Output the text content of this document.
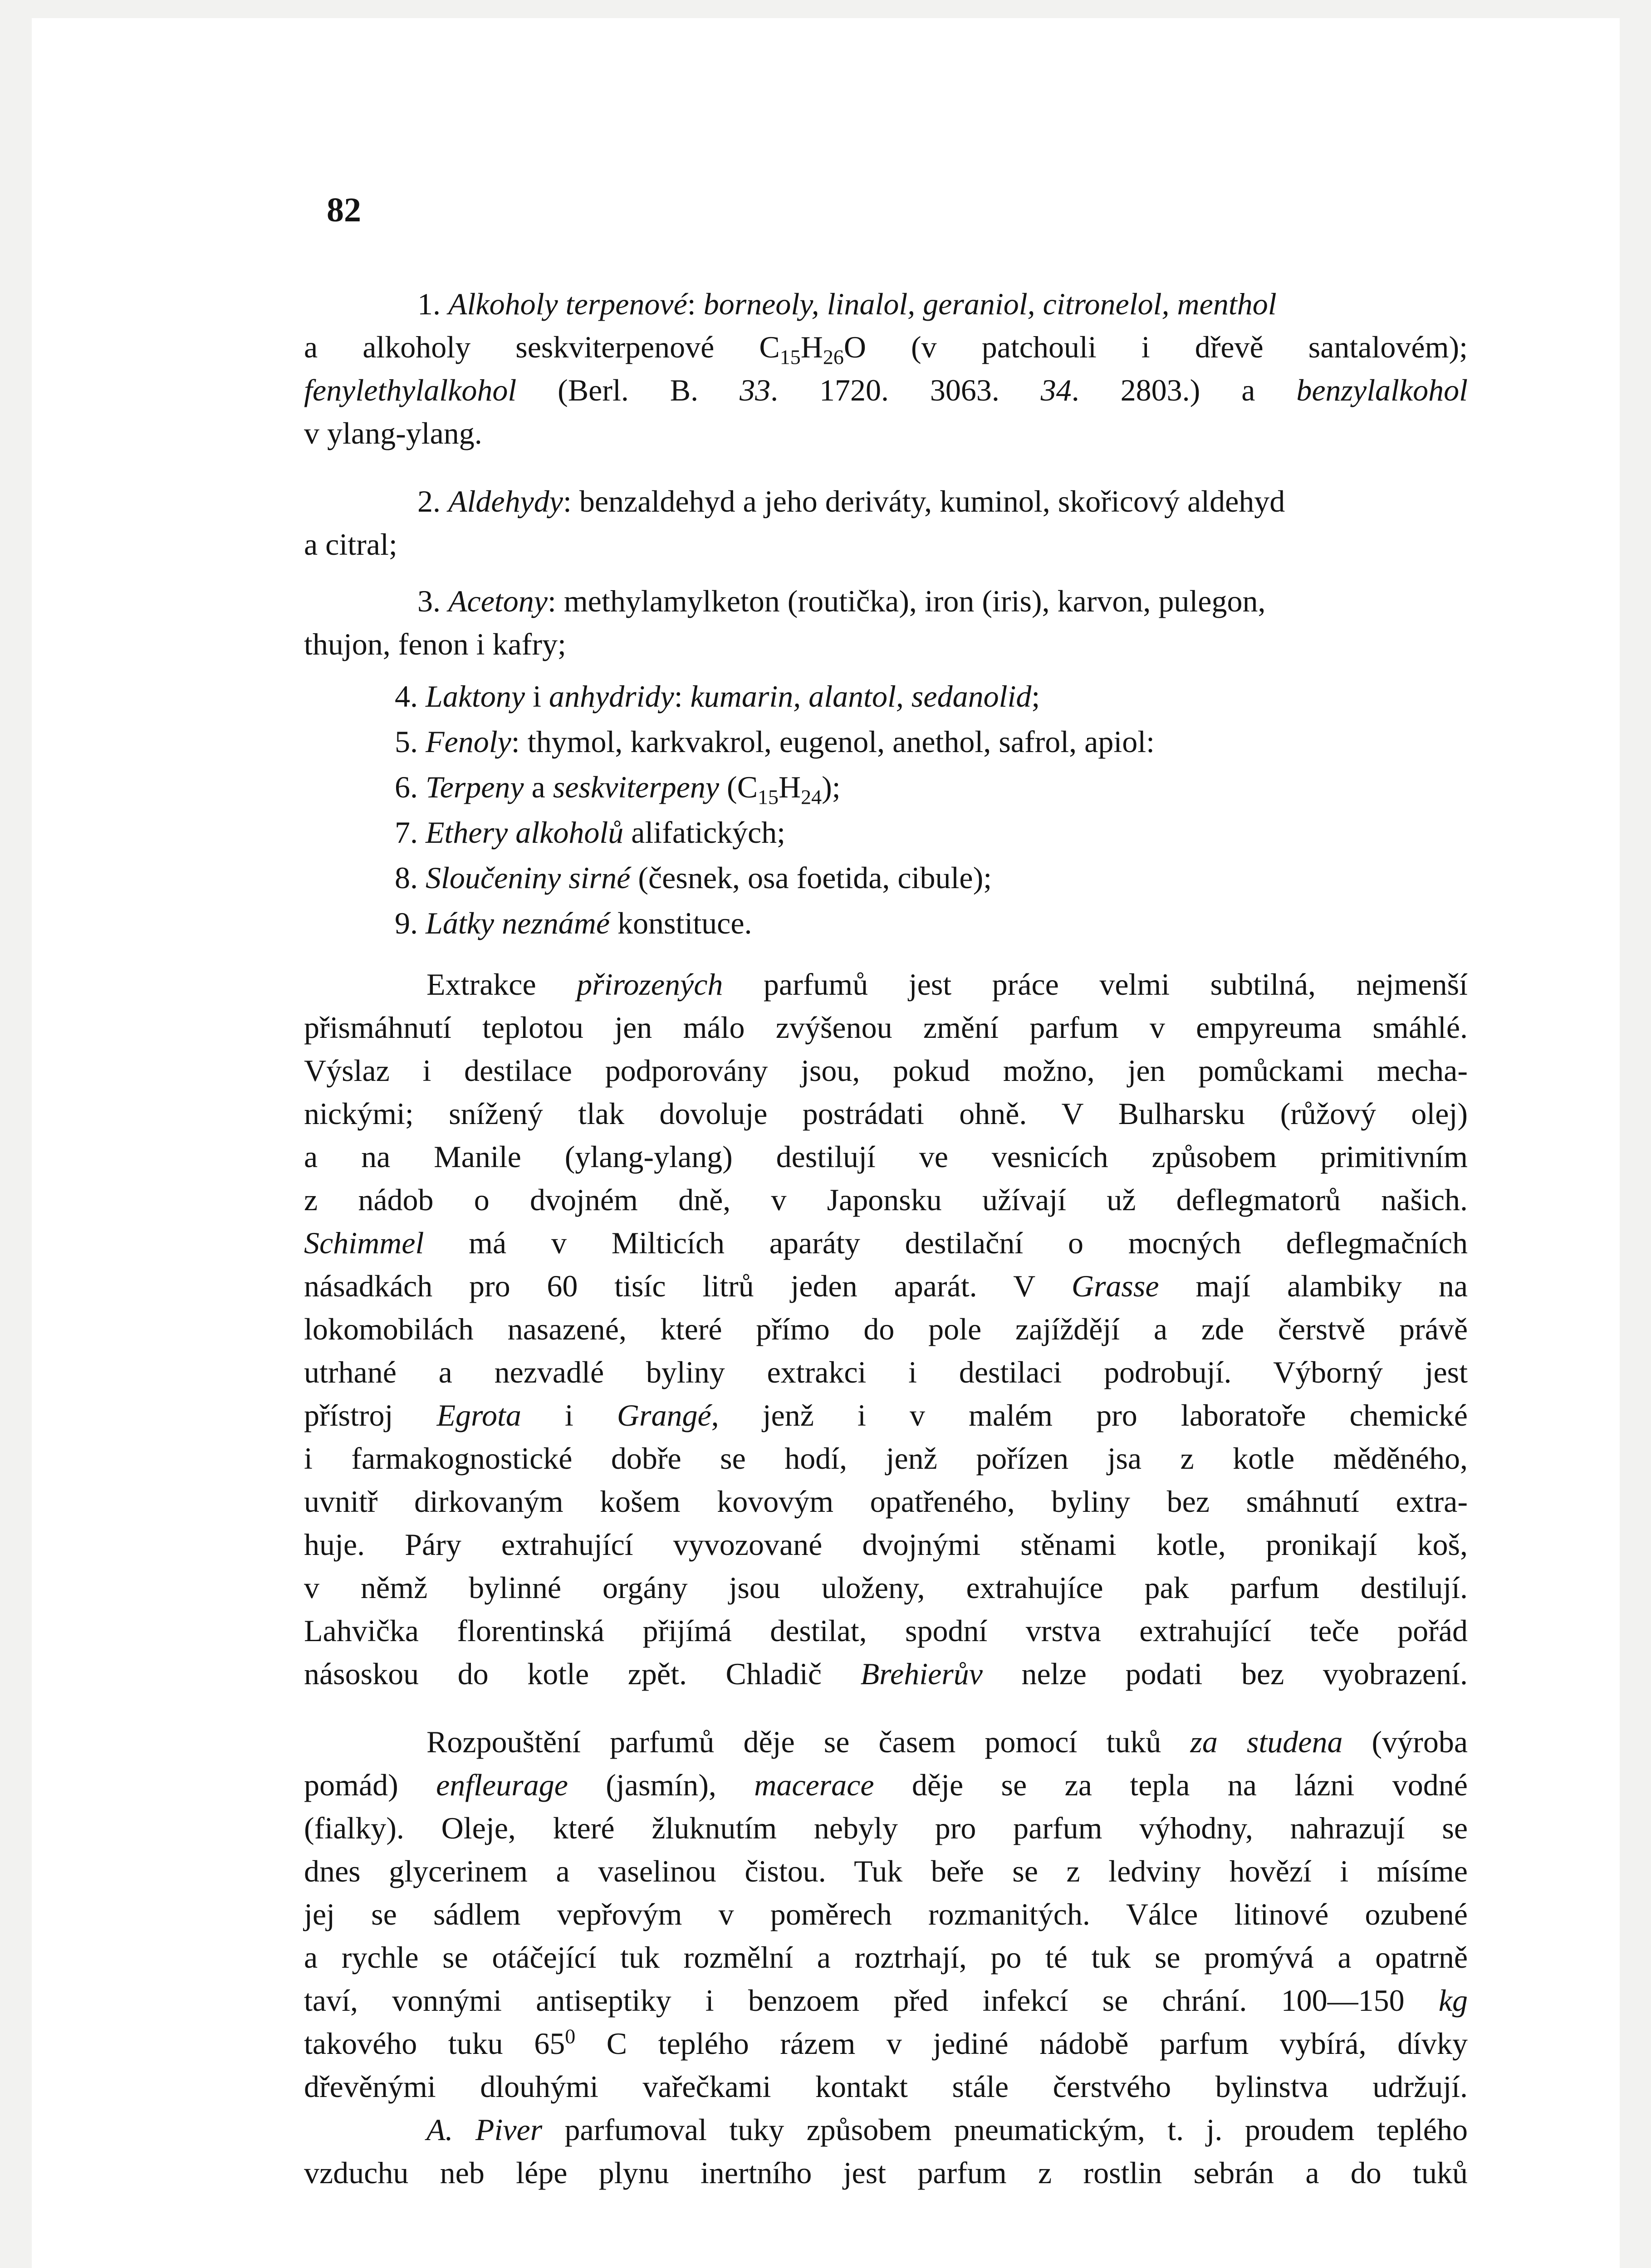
82
1. Alkoholy terpenové: borneoly, linalol, geraniol, citronelol, menthol
a alkoholy seskviterpenové $C_{15}H_{26}O$ (v patchouli i dřevě santalovém);
fenylethylalkohol (Berl. B. 33. 1720. 3063. 34. 2803.) a benzylalkohol
v ylang-ylang.
2. Aldehydy: benzaldehyd a jeho deriváty, kuminol, skořicový aldehyd
a citral;
3. Acetony: methylamylketon (routička), iron (iris), karvon, pulegon,
thujon, fenon i kafry;
4. Laktony i anhydridy: kumarin, alantol, sedanolid;
5. Fenoly: thymol, karkvakrol, eugenol, anethol, safrol, apiol:
6. Terpeny a seskviterpeny $(C_{15}H_{24})$;
7. Ethery alkoholů alifatických;
8. Sloučeniny sirné (česnek, osa foetida, cibule);
9. Látky neznámé konstituce.
Extrakce přirozených parfumů jest práce velmi subtilná, nejmenší
přismáhnutí teplotou jen málo zvýšenou změní parfum v empyreuma smáhlé.
Výslaz i destilace podporovány jsou, pokud možno, jen pomůckami mecha-
nickými; snížený tlak dovoluje postrádati ohně. V Bulharsku (růžový olej)
a na Manile (ylang-ylang) destilují ve vesnicích způsobem primitivním
z nádob o dvojném dně, v Japonsku užívají už deflegmatorů našich.
Schimmel má v Milticích aparáty destilační o mocných deflegmačních
násadkách pro 60 tisíc litrů jeden aparát. V Grasse mají alambiky na
lokomobilách nasazené, které přímo do pole zajíždějí a zde čerstvě právě
utrhané a nezvadlé byliny extrakci i destilaci podrobují. Výborný jest
přístroj Egrota i Grangé, jenž i v malém pro laboratoře chemické
i farmakognostické dobře se hodí, jenž pořízen jsa z kotle měděného,
uvnitř dirkovaným košem kovovým opatřeného, byliny bez smáhnutí extra-
huje. Páry extrahující vyvozované dvojnými stěnami kotle, pronikají koš,
v němž bylinné orgány jsou uloženy, extrahujíce pak parfum destilují.
Lahvička florentinská přijímá destilat, spodní vrstva extrahující teče pořád
násoskou do kotle zpět. Chladič Brehierův nelze podati bez vyobrazení.
Rozpouštění parfumů děje se časem pomocí tuků za studena (výroba
pomád) enfleurage (jasmín), macerace děje se za tepla na lázni vodné
(fialky). Oleje, které žluknutím nebyly pro parfum výhodny, nahrazují se
dnes glycerinem a vaselinou čistou. Tuk beře se z ledviny hovězí i mísíme
jej se sádlem vepřovým v poměrech rozmanitých. Válce litinové ozubené
a rychle se otáčející tuk rozmělní a roztrhají, po té tuk se promývá a opatrně
taví, vonnými antiseptiky i benzoem před infekcí se chrání. 100—150 kg
takového tuku $65^0$ C teplého rázem v jediné nádobě parfum vybírá, dívky
dřevěnými dlouhými vařečkami kontakt stále čerstvého bylinstva udržují.
A. Piver parfumoval tuky způsobem pneumatickým, t. j. proudem teplého
vzduchu neb lépe plynu inertního jest parfum z rostlin sebrán a do tuků
